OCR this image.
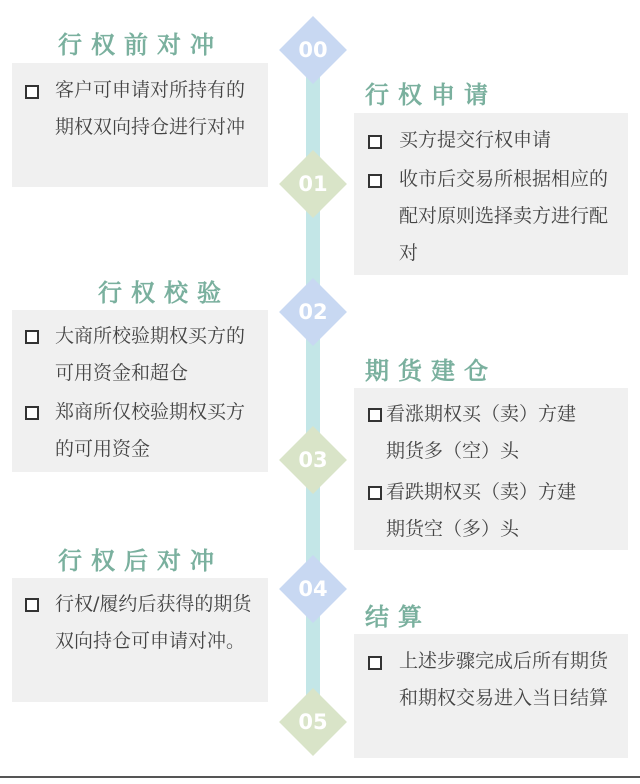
00
01
02
03
04
05
行权前对冲
客户可申请对所持有的期权双向持仓进行对冲
行权申请
买方提交行权申请
收市后交易所根据相应的配对原则选择卖方进行配对
行权校验
大商所校验期权买方的可用资金和超仓
郑商所仅校验期权买方的可用资金
期货建仓
看涨期权买（卖）方建期货多（空）头
看跌期权买（卖）方建期货空（多）头
行权后对冲
行权/履约后获得的期货双向持仓可申请对冲。
结算
上述步骤完成后所有期货和期权交易进入当日结算
